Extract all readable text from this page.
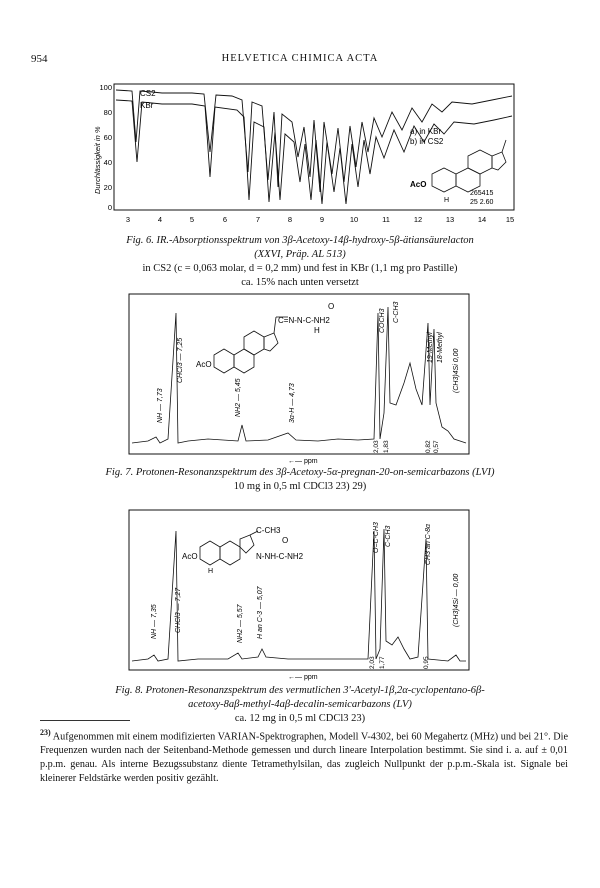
954	HELVETICA CHIMICA ACTA
Durchlässigkeit in %
100
80
60
40
20
0
3	4	5	6	7	8	9	10	11	12	13	14	15
CS2
KBr
a) in KBr
b) in CS2
AcO
H
265415
25 2.60
Fig. 6. IR.-Absorptionsspektrum von 3β-Acetoxy-14β-hydroxy-5β-ätiansäurelacton
(XXVI, Präp. AL 513)
in CS2 (c = 0,063 molar, d = 0,2 mm) und fest in KBr (1,1 mg pro Pastille)
ca. 15% nach unten versetzt
NH — 7,73
CHCl3 — 7,25
NH2 — 5,45	3α-H — 4,73
COCH3 C-CH3
19-Methyl 18-Methyl
(CH3)4Si 0,00
2,03 1,83	0,82 0,57
←— ppm
O
C=N-N-C-NH2
H
AcO
Fig. 7. Protonen-Resonanzspektrum des 3β-Acetoxy-5α-pregnan-20-on-semicarbazons (LVI)
10 mg in 0,5 ml CDCl3 23) 29)
NH — 7,35 CHCl3 — 7,27	NH2 — 5,57 H an C-3 — 5,07
O=C-CH3 C-CH3	CH3 an C-8α
(CH3)4Si — 0,00
2,03 1,77	0,95
←— ppm
C-CH3
O
N-NH-C-NH2
AcO
H
Fig. 8. Protonen-Resonanzspektrum des vermutlichen 3'-Acetyl-1β,2α-cyclopentano-6β-
acetoxy-8aβ-methyl-4aβ-decalin-semicarbazons (LV)
ca. 12 mg in 0,5 ml CDCl3 23)
$^{23)}$ Aufgenommen mit einem modifizierten VARIAN-Spektrographen, Modell V-4302, bei 60 Megahertz (MHz) und bei 21°. Die Frequenzen wurden nach der Seitenband-Methode gemessen und durch lineare Interpolation bestimmt. Sie sind i. a. auf ± 0,01 p.p.m. genau. Als interne Bezugssubstanz diente Tetramethylsilan, das zugleich Nullpunkt der p.p.m.-Skala ist. Signale bei kleinerer Feldstärke werden positiv gezählt.
